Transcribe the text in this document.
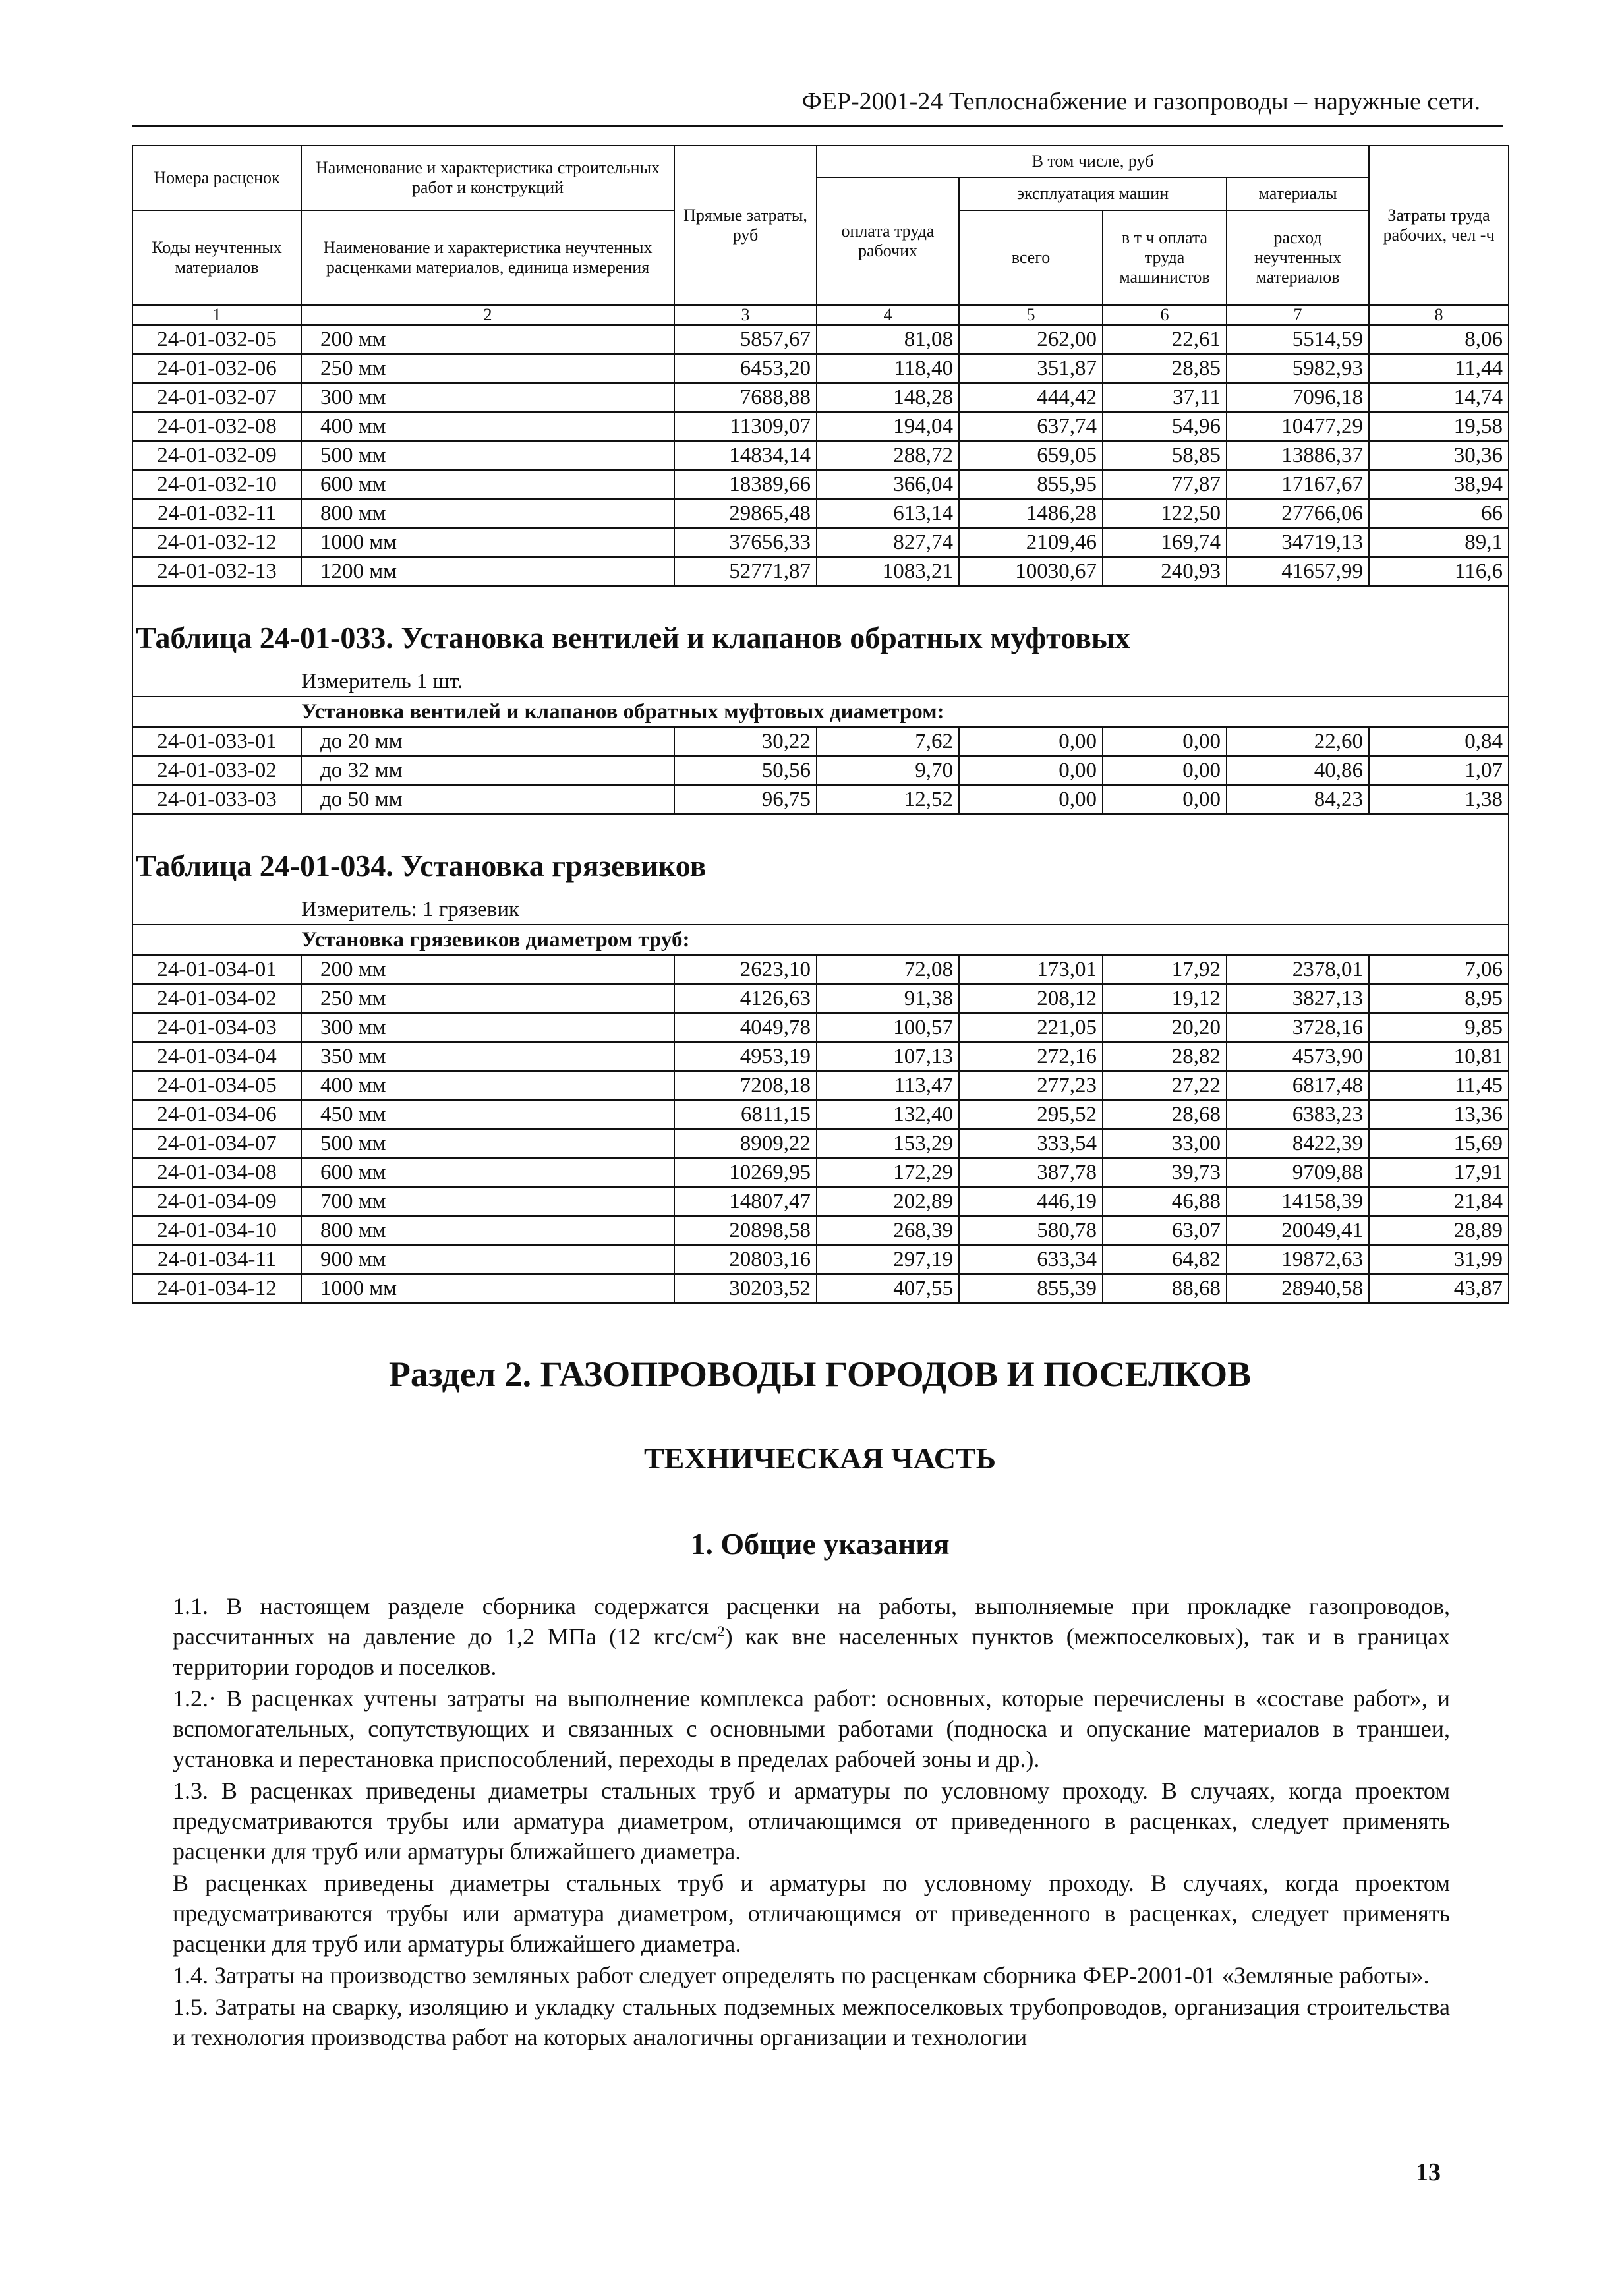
ФЕР-2001-24 Теплоснабжение и газопроводы – наружные сети.
Номера расценок	Наименование и характеристика строительных работ и конструкций	Прямые затраты, руб	В том числе, руб				Затраты труда рабочих, чел -ч
			оплата труда рабочих	эксплуатация машин		материалы	
Коды неучтенных материалов	Наименование и характеристика неучтенных расценками материалов, единица измерения			всего	в т ч оплата труда машинистов	расход неучтенных материалов	
1	2	3	4	5	6	7	8
24-01-032-05	200 мм	5857,67	81,08	262,00	22,61	5514,59	8,06
24-01-032-06	250 мм	6453,20	118,40	351,87	28,85	5982,93	11,44
24-01-032-07	300 мм	7688,88	148,28	444,42	37,11	7096,18	14,74
24-01-032-08	400 мм	11309,07	194,04	637,74	54,96	10477,29	19,58
24-01-032-09	500 мм	14834,14	288,72	659,05	58,85	13886,37	30,36
24-01-032-10	600 мм	18389,66	366,04	855,95	77,87	17167,67	38,94
24-01-032-11	800 мм	29865,48	613,14	1486,28	122,50	27766,06	66
24-01-032-12	1000 мм	37656,33	827,74	2109,46	169,74	34719,13	89,1
24-01-032-13	1200 мм	52771,87	1083,21	10030,67	240,93	41657,99	116,6

Таблица 24-01-033. Установка вентилей и клапанов обратных муфтовых							
	Измеритель 1 шт.						
	Установка вентилей и клапанов обратных муфтовых диаметром:						
24-01-033-01	до 20 мм	30,22	7,62	0,00	0,00	22,60	0,84
24-01-033-02	до 32 мм	50,56	9,70	0,00	0,00	40,86	1,07
24-01-033-03	до 50 мм	96,75	12,52	0,00	0,00	84,23	1,38

Таблица 24-01-034. Установка грязевиков							
	Измеритель: 1 грязевик						
	Установка грязевиков диаметром труб:						
24-01-034-01	200 мм	2623,10	72,08	173,01	17,92	2378,01	7,06
24-01-034-02	250 мм	4126,63	91,38	208,12	19,12	3827,13	8,95
24-01-034-03	300 мм	4049,78	100,57	221,05	20,20	3728,16	9,85
24-01-034-04	350 мм	4953,19	107,13	272,16	28,82	4573,90	10,81
24-01-034-05	400 мм	7208,18	113,47	277,23	27,22	6817,48	11,45
24-01-034-06	450 мм	6811,15	132,40	295,52	28,68	6383,23	13,36
24-01-034-07	500 мм	8909,22	153,29	333,54	33,00	8422,39	15,69
24-01-034-08	600 мм	10269,95	172,29	387,78	39,73	9709,88	17,91
24-01-034-09	700 мм	14807,47	202,89	446,19	46,88	14158,39	21,84
24-01-034-10	800 мм	20898,58	268,39	580,78	63,07	20049,41	28,89
24-01-034-11	900 мм	20803,16	297,19	633,34	64,82	19872,63	31,99
24-01-034-12	1000 мм	30203,52	407,55	855,39	88,68	28940,58	43,87
Раздел 2. ГАЗОПРОВОДЫ ГОРОДОВ И ПОСЕЛКОВ
ТЕХНИЧЕСКАЯ ЧАСТЬ
1. Общие указания

1.1. В настоящем разделе сборника содержатся расценки на работы, выполняемые при прокладке газопроводов, рассчитанных на давление до 1,2 МПа (12 кгс/$см^2$) как вне населенных пунктов (межпоселковых), так и в границах территории городов и поселков.

1.2.· В расценках учтены затраты на выполнение комплекса работ: основных, которые перечислены в «составе работ», и вспомогательных, сопутствующих и связанных с основными работами (подноска и опускание материалов в траншеи, установка и перестановка приспособлений, переходы в пределах рабочей зоны и др.).

1.3. В расценках приведены диаметры стальных труб и арматуры по условному проходу. В случаях, когда проектом предусматриваются трубы или арматура диаметром, отличающимся от приведенного в расценках, следует применять расценки для труб или арматуры ближайшего диаметра.

В расценках приведены диаметры стальных труб и арматуры по условному проходу. В случаях, когда проектом предусматриваются трубы или арматура диаметром, отличающимся от приведенного в расценках, следует применять расценки для труб или арматуры ближайшего диаметра.

1.4. Затраты на производство земляных работ следует определять по расценкам сборника ФЕР-2001-01 «Земляные работы».

1.5. Затраты на сварку, изоляцию и укладку стальных подземных межпоселковых трубопроводов, организация строительства и технология производства работ на которых аналогичны организации и технологии

13
